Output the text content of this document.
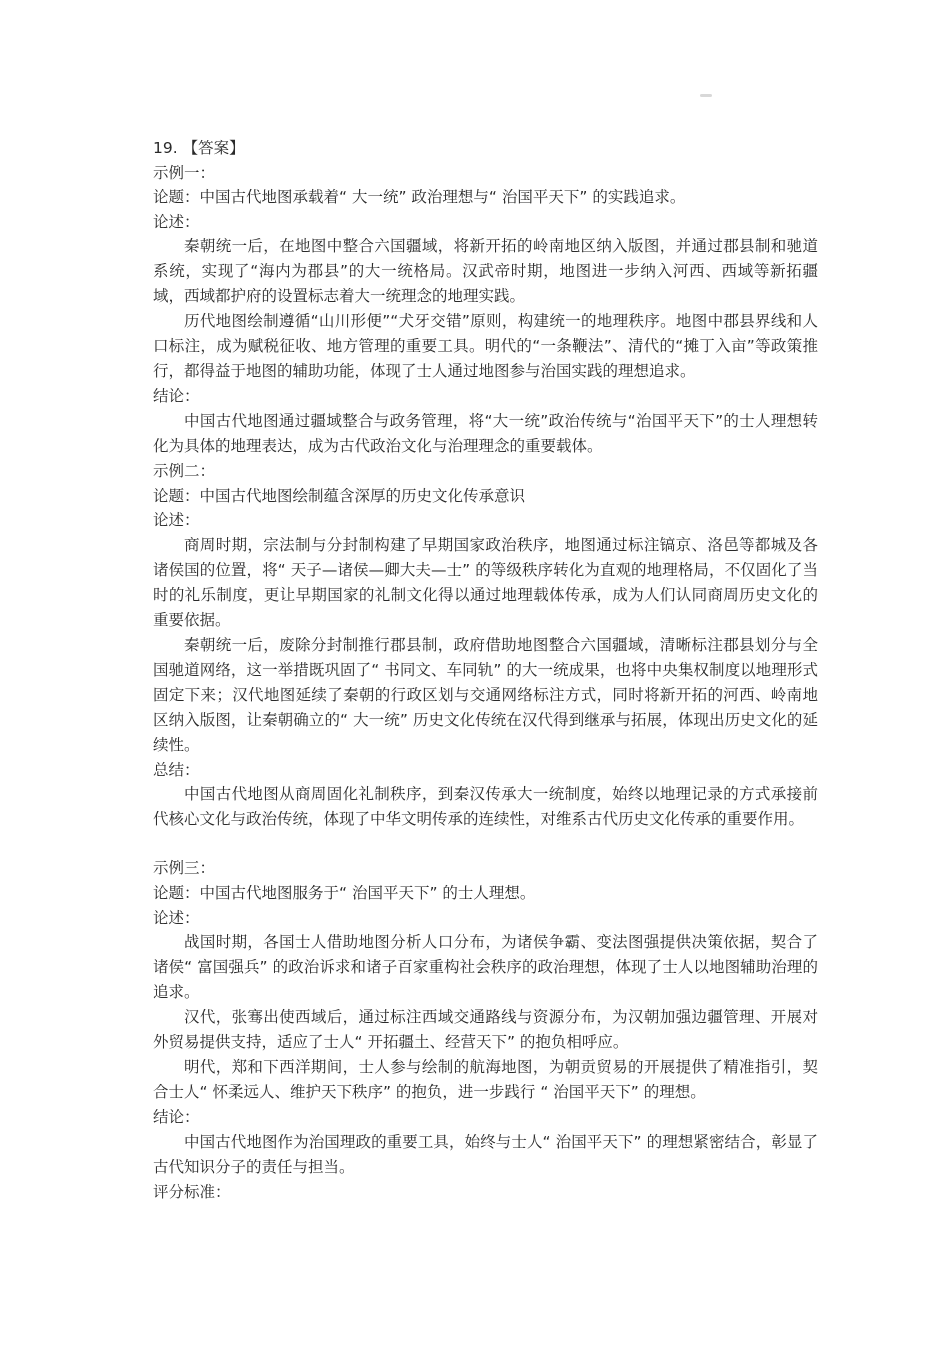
19. 【答案】

示例一：

论题：中国古代地图承载着“ 大一统” 政治理想与“ 治国平天下” 的实践追求。

论述：

秦朝统一后，在地图中整合六国疆域，将新开拓的岭南地区纳入版图，并通过郡县制和驰道系统，实现了“海内为郡县”的大一统格局。汉武帝时期，地图进一步纳入河西、西域等新拓疆域，西域都护府的设置标志着大一统理念的地理实践。

历代地图绘制遵循“山川形便”“犬牙交错”原则，构建统一的地理秩序。地图中郡县界线和人口标注，成为赋税征收、地方管理的重要工具。明代的“一条鞭法”、清代的“摊丁入亩”等政策推行，都得益于地图的辅助功能，体现了士人通过地图参与治国实践的理想追求。

结论：

中国古代地图通过疆域整合与政务管理，将“大一统”政治传统与“治国平天下”的士人理想转化为具体的地理表达，成为古代政治文化与治理理念的重要载体。

示例二：

论题：中国古代地图绘制蕴含深厚的历史文化传承意识

论述：

商周时期，宗法制与分封制构建了早期国家政治秩序，地图通过标注镐京、洛邑等都城及各诸侯国的位置，将“ 天子—诸侯—卿大夫—士” 的等级秩序转化为直观的地理格局，不仅固化了当时的礼乐制度，更让早期国家的礼制文化得以通过地理载体传承，成为人们认同商周历史文化的重要依据。

秦朝统一后，废除分封制推行郡县制，政府借助地图整合六国疆域，清晰标注郡县划分与全国驰道网络，这一举措既巩固了“ 书同文、车同轨” 的大一统成果，也将中央集权制度以地理形式固定下来；汉代地图延续了秦朝的行政区划与交通网络标注方式，同时将新开拓的河西、岭南地区纳入版图，让秦朝确立的“ 大一统” 历史文化传统在汉代得到继承与拓展，体现出历史文化的延续性。

总结：

中国古代地图从商周固化礼制秩序，到秦汉传承大一统制度，始终以地理记录的方式承接前代核心文化与政治传统，体现了中华文明传承的连续性，对维系古代历史文化传承的重要作用。

示例三：

论题：中国古代地图服务于“ 治国平天下” 的士人理想。

论述：

战国时期，各国士人借助地图分析人口分布，为诸侯争霸、变法图强提供决策依据，契合了诸侯“ 富国强兵” 的政治诉求和诸子百家重构社会秩序的政治理想，体现了士人以地图辅助治理的追求。

汉代，张骞出使西域后，通过标注西域交通路线与资源分布，为汉朝加强边疆管理、开展对外贸易提供支持，适应了士人“ 开拓疆土、经营天下” 的抱负相呼应。

明代，郑和下西洋期间，士人参与绘制的航海地图，为朝贡贸易的开展提供了精准指引，契合士人“ 怀柔远人、维护天下秩序” 的抱负，进一步践行 “ 治国平天下” 的理想。

结论：

中国古代地图作为治国理政的重要工具，始终与士人“ 治国平天下” 的理想紧密结合，彰显了古代知识分子的责任与担当。

评分标准：
